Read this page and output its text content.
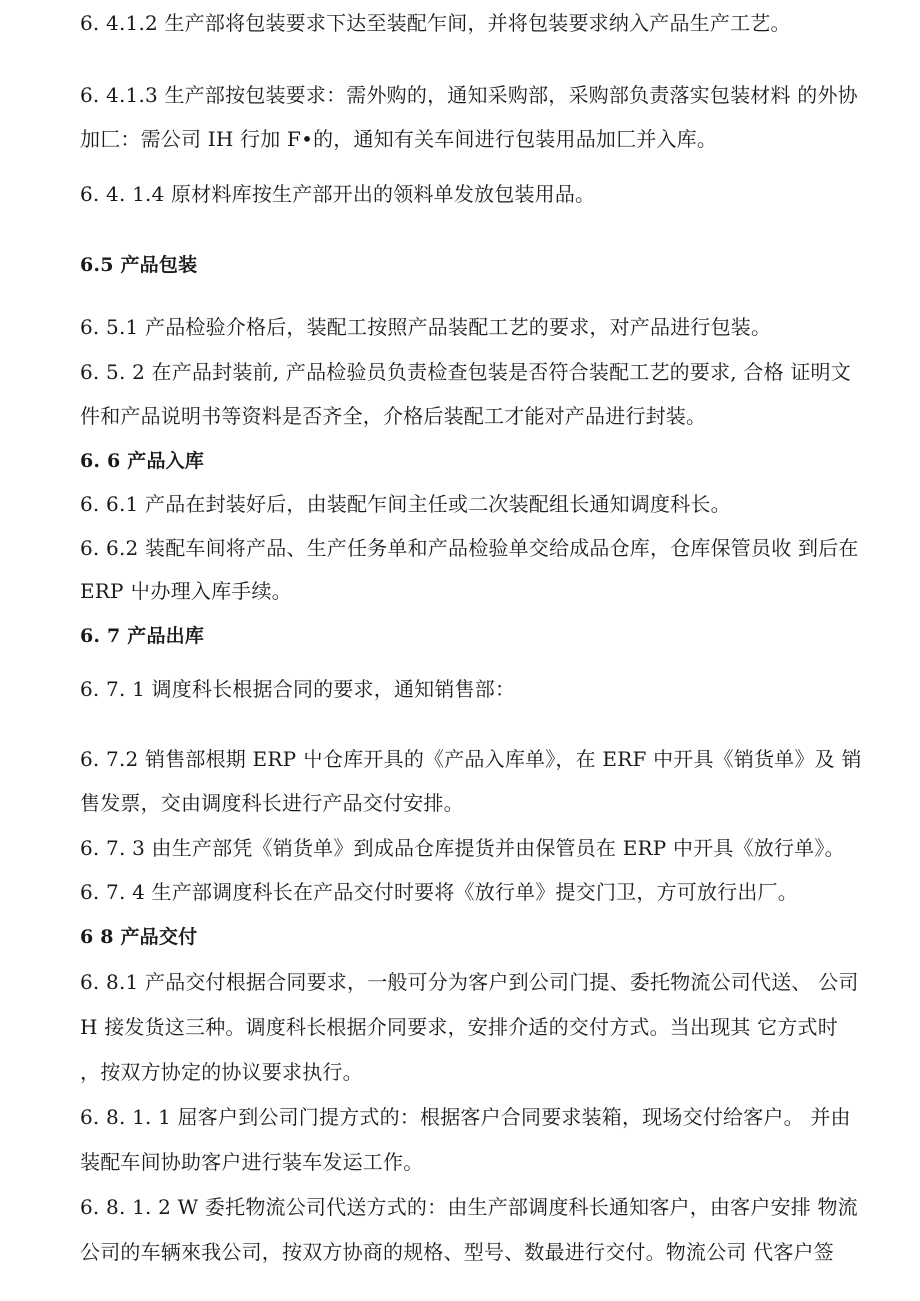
6. 4.1.2 生产部将包装要求下达至装配乍间，并将包装要求纳入产品生产工艺。
6. 4.1.3 生产部按包装要求：需外购的，通知采购部，采购部负责落实包装材料 的外协
加匚：需公司 IH 行加 F•的，通知有关车间进行包装用品加匚并入库。
6. 4. 1.4 原材料库按生产部开出的领料单发放包装用品。
6.5 产品包装
6. 5.1 产品检验介格后，装配工按照产品装配工艺的要求，对产品进行包装。
6. 5. 2 在产品封装前, 产品检验员负责检查包装是否符合装配工艺的要求, 合格 证明文
件和产品说明书等资料是否齐全，介格后装配工才能对产品进行封装。
6. 6 产品入库
6. 6.1 产品在封装好后，由装配乍间主任或二次装配组长通知调度科长。
6. 6.2 装配车间将产品、生产任务单和产品检验单交给成品仓库，仓库保管员收 到后在
ERP 屮办理入库手续。
6. 7 产品出库
6. 7. 1 调度科长根据合同的要求，通知销售部：
6. 7.2 销售部根期 ERP 屮仓库开具的《产品入库单》，在 ERF 中开具《销货单》及 销
售发票，交由调度科长进行产品交付安排。
6. 7. 3 由生产部凭《销货单》到成品仓库提货并由保管员在 ERP 中开具《放行单》。
6. 7. 4 生产部调度科长在产品交付时要将《放行单》提交门卫，方可放行出厂。
6 8 产品交付
6. 8.1 产品交付根据合同要求，一般可分为客户到公司门提、委托物流公司代送、 公司
H 接发货这三种。调度科长根据介同要求，安排介适的交付方式。当出现其 它方式时
，按双方协定的协议要求执行。
6. 8. 1. 1 屈客户到公司门提方式的：根据客户合同要求装箱，现场交付给客户。 并由
装配车间协助客户进行装车发运工作。
6. 8. 1. 2 W 委托物流公司代送方式的：由生产部调度科长通知客户，由客户安排 物流
公司的车辆來我公司，按双方协商的规格、型号、数最进行交付。物流公司 代客户签
